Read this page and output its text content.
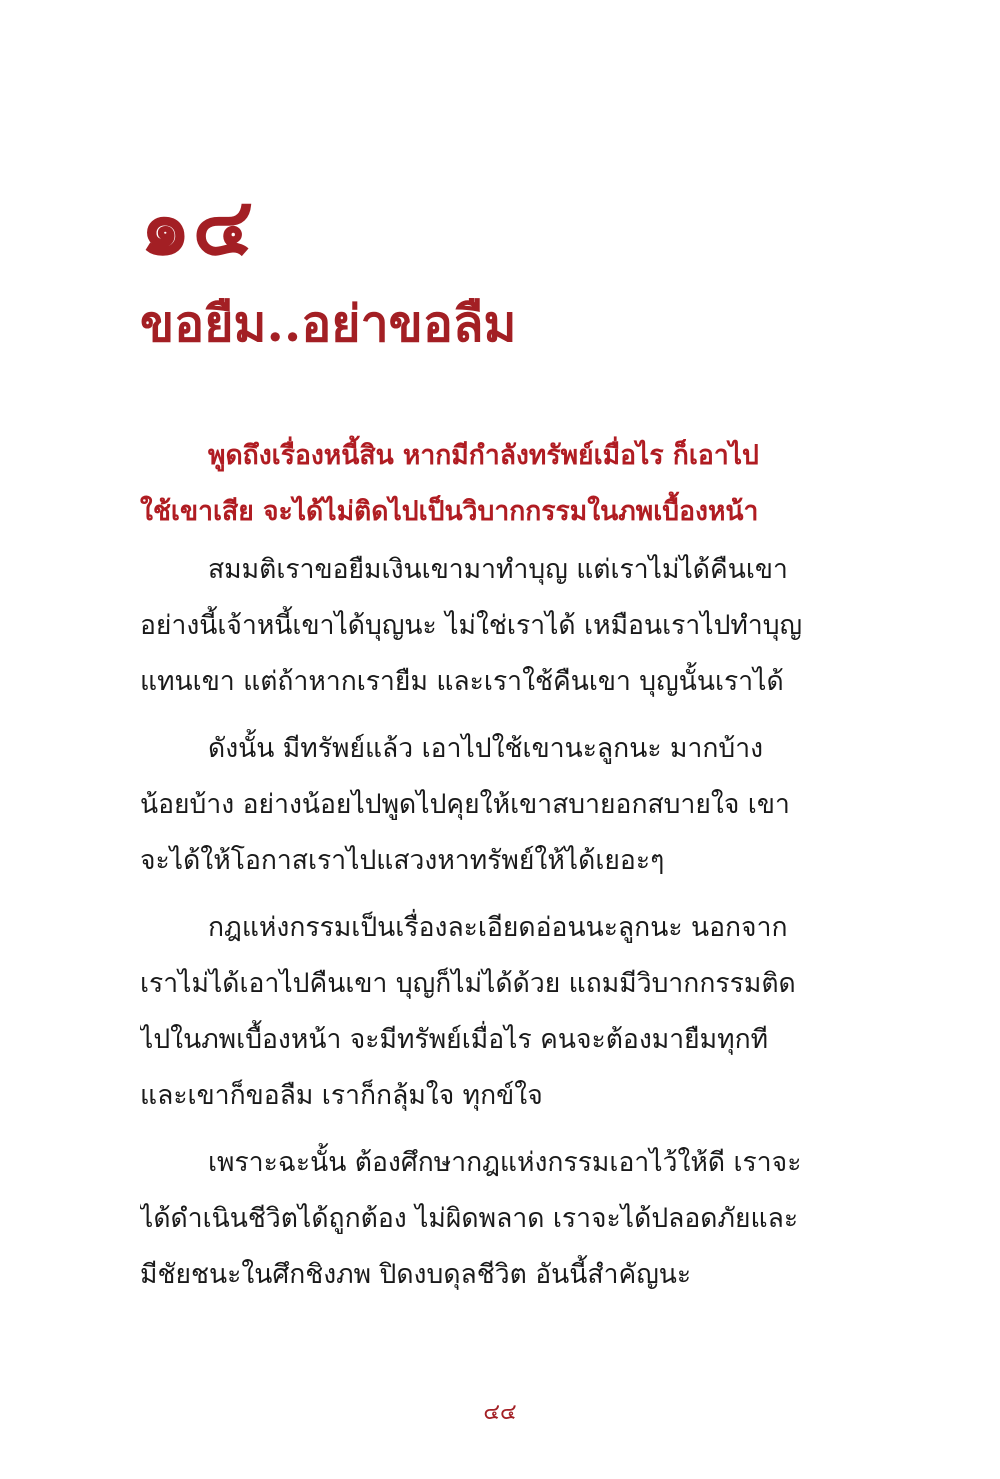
๑๔
ขอยืม..อย่าขอลืม
พูดถึงเรื่องหนี้สิน หากมีกำลังทรัพย์เมื่อไร ก็เอาไป
ใช้เขาเสีย จะได้ไม่ติดไปเป็นวิบากกรรมในภพเบื้องหน้า
สมมติเราขอยืมเงินเขามาทำบุญ แต่เราไม่ได้คืนเขา
อย่างนี้เจ้าหนี้เขาได้บุญนะ ไม่ใช่เราได้ เหมือนเราไปทำบุญ
แทนเขา แต่ถ้าหากเรายืม และเราใช้คืนเขา บุญนั้นเราได้
ดังนั้น มีทรัพย์แล้ว เอาไปใช้เขานะลูกนะ มากบ้าง
น้อยบ้าง อย่างน้อยไปพูดไปคุยให้เขาสบายอกสบายใจ เขา
จะได้ให้โอกาสเราไปแสวงหาทรัพย์ให้ได้เยอะๆ
กฎแห่งกรรมเป็นเรื่องละเอียดอ่อนนะลูกนะ นอกจาก
เราไม่ได้เอาไปคืนเขา บุญก็ไม่ได้ด้วย แถมมีวิบากกรรมติด
ไปในภพเบื้องหน้า จะมีทรัพย์เมื่อไร คนจะต้องมายืมทุกที
และเขาก็ขอลืม เราก็กลุ้มใจ ทุกข์ใจ
เพราะฉะนั้น ต้องศึกษากฎแห่งกรรมเอาไว้ให้ดี เราจะ
ได้ดำเนินชีวิตได้ถูกต้อง ไม่ผิดพลาด เราจะได้ปลอดภัยและ
มีชัยชนะในศึกชิงภพ ปิดงบดุลชีวิต อันนี้สำคัญนะ
๔๔
